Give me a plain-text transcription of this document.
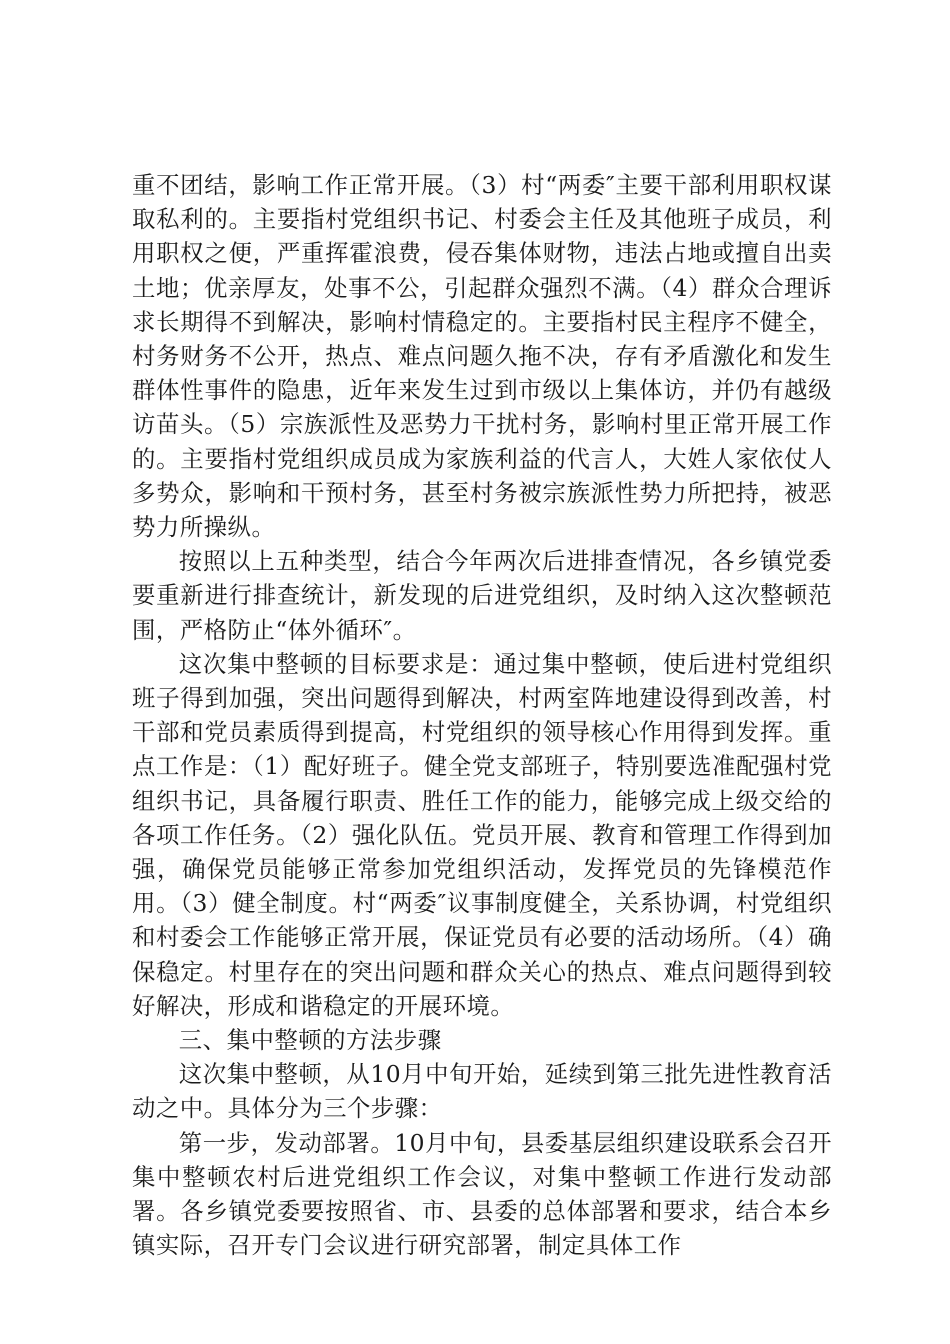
重不团结，影响工作正常开展。（3）村“两委″主要干部利用职权谋取私利的。主要指村党组织书记、村委会主任及其他班子成员，利用职权之便，严重挥霍浪费，侵吞集体财物，违法占地或擅自出卖土地；优亲厚友，处事不公，引起群众强烈不满。（4）群众合理诉求长期得不到解决，影响村情稳定的。主要指村民主程序不健全，村务财务不公开，热点、难点问题久拖不决，存有矛盾激化和发生群体性事件的隐患，近年来发生过到市级以上集体访，并仍有越级访苗头。（5）宗族派性及恶势力干扰村务，影响村里正常开展工作的。主要指村党组织成员成为家族利益的代言人，大姓人家依仗人多势众，影响和干预村务，甚至村务被宗族派性势力所把持，被恶势力所操纵。

按照以上五种类型，结合今年两次后进排查情况，各乡镇党委要重新进行排查统计，新发现的后进党组织，及时纳入这次整顿范围，严格防止“体外循环″。

这次集中整顿的目标要求是：通过集中整顿，使后进村党组织班子得到加强，突出问题得到解决，村两室阵地建设得到改善，村干部和党员素质得到提高，村党组织的领导核心作用得到发挥。重点工作是：（1）配好班子。健全党支部班子，特别要选准配强村党组织书记，具备履行职责、胜任工作的能力，能够完成上级交给的各项工作任务。（2）强化队伍。党员开展、教育和管理工作得到加强，确保党员能够正常参加党组织活动，发挥党员的先锋模范作用。（3）健全制度。村“两委″议事制度健全，关系协调，村党组织和村委会工作能够正常开展，保证党员有必要的活动场所。（4）确保稳定。村里存在的突出问题和群众关心的热点、难点问题得到较好解决，形成和谐稳定的开展环境。

三、集中整顿的方法步骤

这次集中整顿，从10月中旬开始，延续到第三批先进性教育活动之中。具体分为三个步骤：

第一步，发动部署。10月中旬，县委基层组织建设联系会召开集中整顿农村后进党组织工作会议，对集中整顿工作进行发动部署。各乡镇党委要按照省、市、县委的总体部署和要求，结合本乡镇实际，召开专门会议进行研究部署，制定具体工作
